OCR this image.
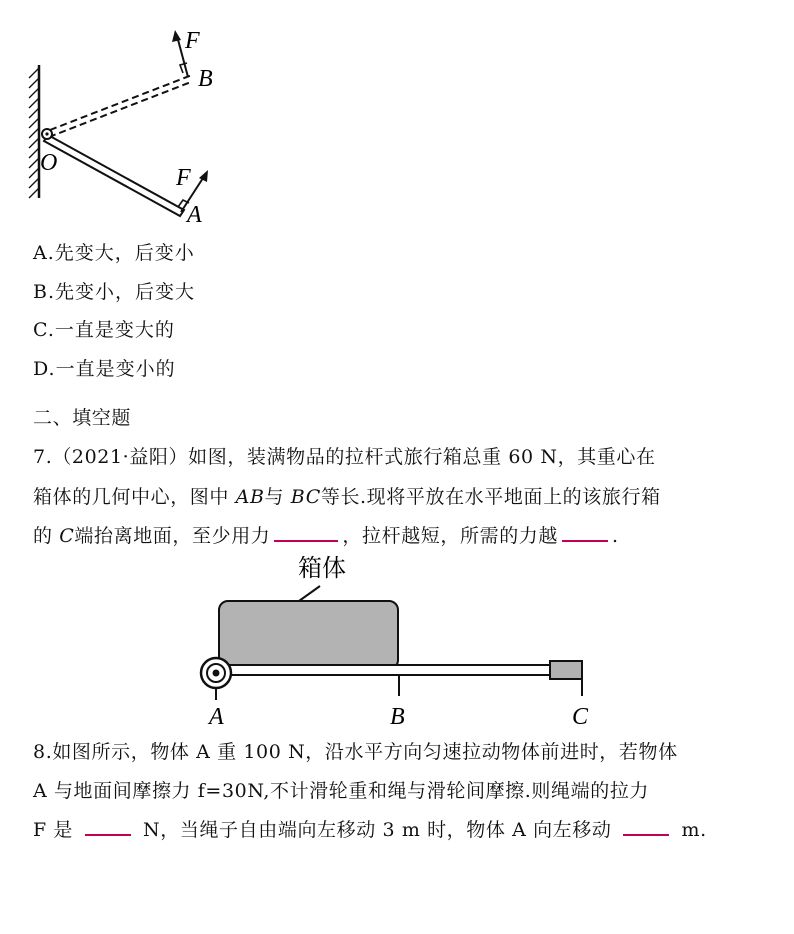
F
B
O
F
A
A.先变大，后变小
B.先变小，后变大
C.一直是变大的
D.一直是变小的
二、填空题
7.（2021·益阳）如图，装满物品的拉杆式旅行箱总重 60 N，其重心在
箱体的几何中心，图中 AB与 BC等长.现将平放在水平地面上的该旅行箱
的 C端抬离地面，至少用力	，拉杆越短，所需的力越	.
箱体
A	B	C
8.如图所示，物体 A 重 100 N，沿水平方向匀速拉动物体前进时，若物体
A 与地面间摩擦力 f=30N,不计滑轮重和绳与滑轮间摩擦.则绳端的拉力
F 是	N，当绳子自由端向左移动 3 m 时，物体 A 向左移动	m.
